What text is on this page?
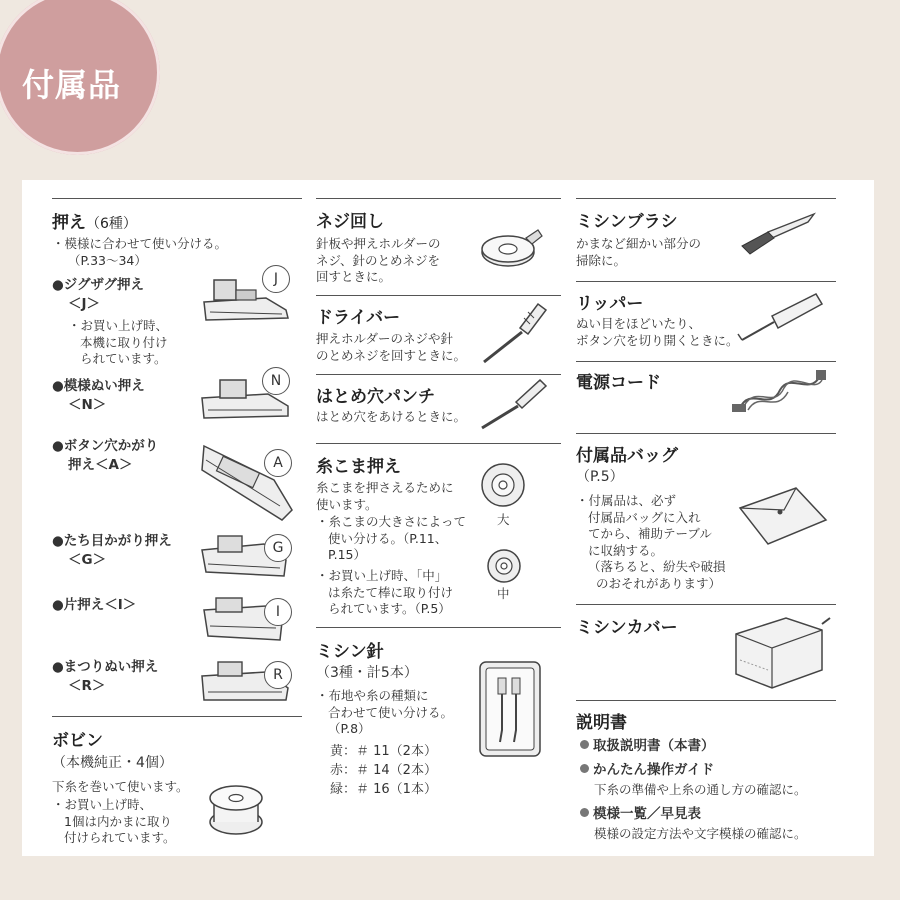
付属品
押え（6種）
・模様に合わせて使い分ける。
（P.33〜34）
●ジグザグ押え
＜J＞
・お買い上げ時、
本機に取り付け
られています。
J
●模様ぬい押え
＜N＞
N
●ボタン穴かがり
押え＜A＞	A
●たち目かがり押え
＜G＞
G
●片押え＜I＞	I
●まつりぬい押え
＜R＞
R
ボビン
（本機純正・4個）
下糸を巻いて使います。
・お買い上げ時、
1個は内かまに取り
付けられています。
ネジ回し
針板や押えホルダーの
ネジ、針のとめネジを
回すときに。
ドライバー
押えホルダーのネジや針
のとめネジを回すときに。
はとめ穴パンチ
はとめ穴をあけるときに。
糸こま押え
糸こまを押さえるために
使います。
・糸こまの大きさによって
使い分ける。（P.11、
P.15）
・お買い上げ時、「中」
は糸たて棒に取り付け
られています。（P.5）
大
中
ミシン針
（3種・計5本）
・布地や糸の種類に
合わせて使い分ける。
（P.8）
黄：＃ 11（2本）
赤：＃ 14（2本）
緑：＃ 16（1本）
ミシンブラシ
かまなど細かい部分の
掃除に。
リッパー
ぬい目をほどいたり、
ボタン穴を切り開くときに。
電源コード
付属品バッグ
（P.5）
・付属品は、必ず
付属品バッグに入れ
てから、補助テーブル
に収納する。
（落ちると、紛失や破損
のおそれがあります）
ミシンカバー
説明書
取扱説明書（本書）
かんたん操作ガイド
下糸の準備や上糸の通し方の確認に。
模様一覧／早見表
模様の設定方法や文字模様の確認に。
